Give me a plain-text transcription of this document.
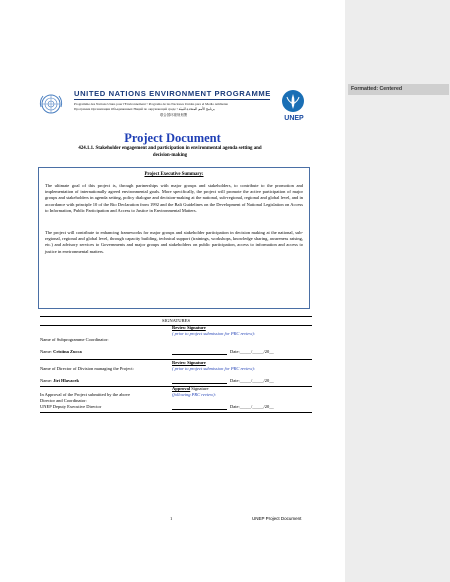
Formatted: Centered
UNITED NATIONS ENVIRONMENT PROGRAMME
Programme des Nations Unies pour l'Environnement • Programa de las Naciones Unidas para el Medio Ambiente
Программа Организации Объединенных Наций по окружающей среде • برنامج الأمم المتحدة للبيئة
联合国环境规划署	UNEP
Project Document
424.1.1. Stakeholder engagement and participation in environmental agenda setting and decision-making
Project Executive Summary:
The ultimate goal of this project is, through partnerships with major groups and stakeholders, to contribute to the promotion and implementation of internationally agreed environmental goals. More specifically, the project will promote the active participation of major groups and stakeholders in agenda setting, policy dialogue and decision-making at the national, sub-regional, regional and global level, and in accordance with principle 10 of the Rio Declaration from 1992 and the Bali Guidelines on the Development of National Legislation on Access to Information, Public Participation and Access to Justice in Environmental Matters.
The project will contribute to enhancing frameworks for major groups and stakeholder participation in decision making at the national, sub-regional, regional and global level, through capacity building, technical support (trainings, workshops, knowledge sharing, awareness raising, etc.) and advisory services to Governments and major groups and stakeholders on public participation, access to information and access to justice in environmental matters.
SIGNATURES
Review Signature
( prior to project submission for PRC review):
Name of Subprogramme Coordinator:
Name: Cristina Zucca	Date:_____/_____/20__
Review Signature
( prior to project submission for PRC review):
Name of Director of Division managing the Project:
Name: Jiri Hlavacek	Date:_____/_____/20__
Approval Signature
(following PRC review):
In Approval of the Project submitted by the above
Director and Coordinator:
UNEP Deputy Executive Director	Date:_____/_____/20__
1	UNEP Project Document
